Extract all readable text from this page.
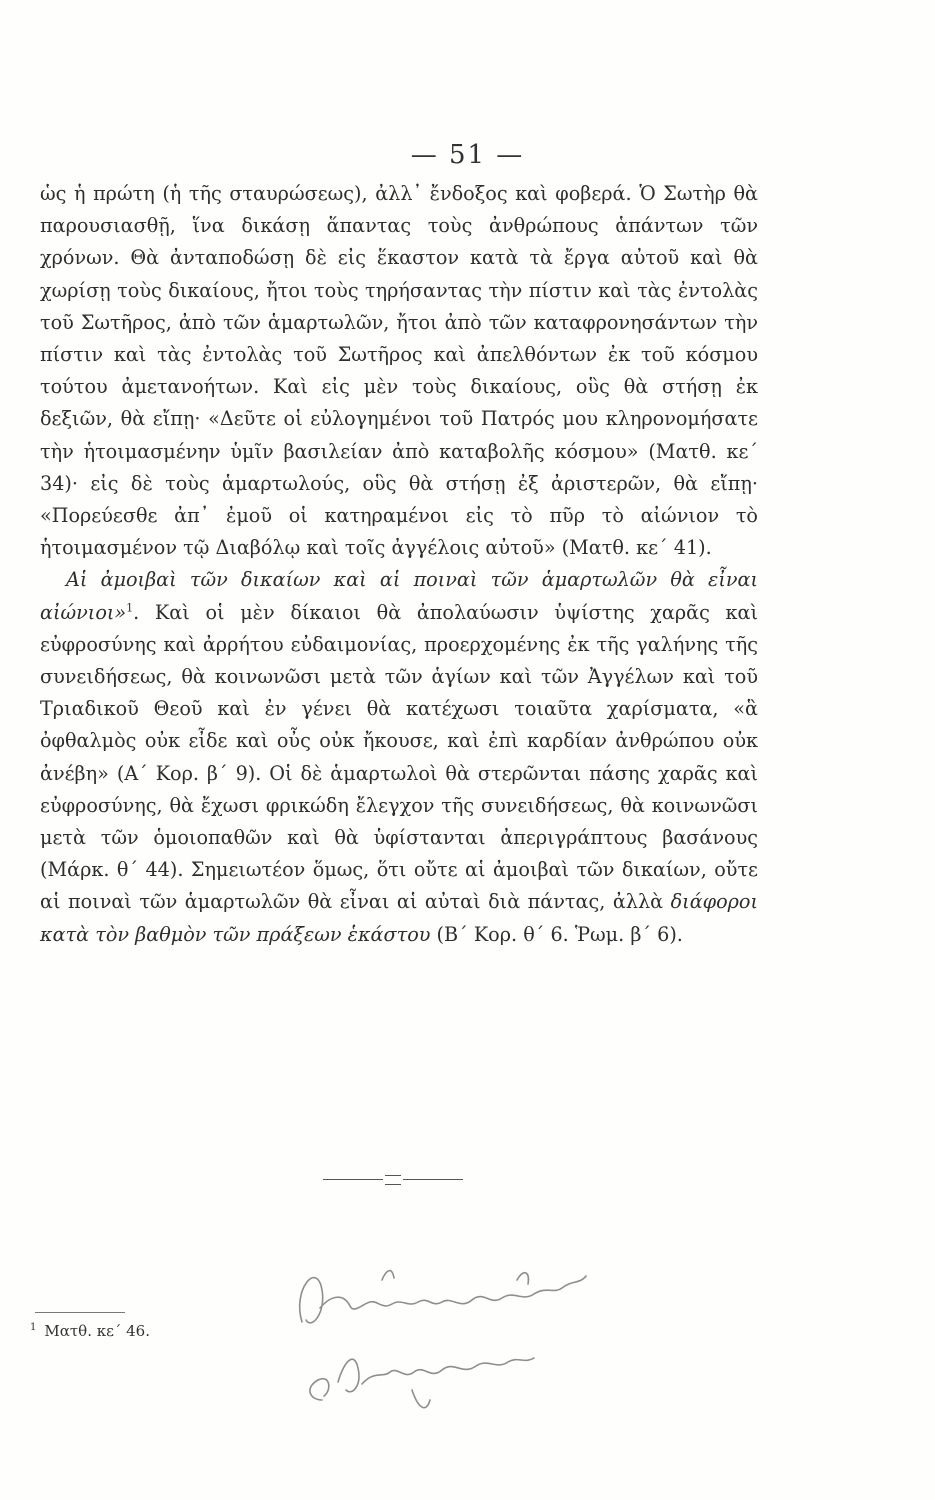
— 51 —

ὡς ἡ πρώτη (ἡ τῆς σταυρώσεως), ἀλλ᾽ ἔνδοξος καὶ φοβερά. Ὁ Σωτὴρ θὰ παρουσιασθῇ, ἵνα δικάσῃ ἅπαντας τοὺς ἀνθρώπους ἁπάντων τῶν χρόνων. Θὰ ἀνταποδώσῃ δὲ εἰς ἕκαστον κατὰ τὰ ἔργα αὐτοῦ καὶ θὰ χωρίσῃ τοὺς δικαίους, ἤτοι τοὺς τηρήσαντας τὴν πίστιν καὶ τὰς ἐντολὰς τοῦ Σωτῆρος, ἀπὸ τῶν ἁμαρτωλῶν, ἤτοι ἀπὸ τῶν καταφρονησάντων τὴν πίστιν καὶ τὰς ἐντολὰς τοῦ Σωτῆρος καὶ ἀπελθόντων ἐκ τοῦ κόσμου τούτου ἀμετανοήτων. Καὶ εἰς μὲν τοὺς δικαίους, οὓς θὰ στήσῃ ἐκ δεξιῶν, θὰ εἴπῃ· «Δεῦτε οἱ εὐλογημένοι τοῦ Πατρός μου κληρονομήσατε τὴν ἡτοιμασμένην ὑμῖν βασιλείαν ἀπὸ καταβολῆς κόσμου» (Ματθ. κε΄ 34)· εἰς δὲ τοὺς ἁμαρτωλούς, οὓς θὰ στήσῃ ἐξ ἀριστερῶν, θὰ εἴπῃ· «Πορεύεσθε ἀπ᾽ ἐμοῦ οἱ κατηραμένοι εἰς τὸ πῦρ τὸ αἰώνιον τὸ ἡτοιμασμένον τῷ Διαβόλῳ καὶ τοῖς ἀγγέλοις αὐτοῦ» (Ματθ. κε΄ 41).

Αἱ ἀμοιβαὶ τῶν δικαίων καὶ αἱ ποιναὶ τῶν ἁμαρτωλῶν θὰ εἶναι αἰώνιοι»$^1$. Καὶ οἱ μὲν δίκαιοι θὰ ἀπολαύωσιν ὑψίστης χαρᾶς καὶ εὐφροσύνης καὶ ἀρρήτου εὐδαιμονίας, προερχομένης ἐκ τῆς γαλήνης τῆς συνειδήσεως, θὰ κοινωνῶσι μετὰ τῶν ἁγίων καὶ τῶν Ἀγγέλων καὶ τοῦ Τριαδικοῦ Θεοῦ καὶ ἐν γένει θὰ κατέχωσι τοιαῦτα χαρίσματα, «ἃ ὀφθαλμὸς οὐκ εἶδε καὶ οὖς οὐκ ἤκουσε, καὶ ἐπὶ καρδίαν ἀνθρώπου οὐκ ἀνέβη» (Α΄ Κορ. β΄ 9). Οἱ δὲ ἁμαρτωλοὶ θὰ στερῶνται πάσης χαρᾶς καὶ εὐφροσύνης, θὰ ἔχωσι φρικώδη ἔλεγχον τῆς συνειδήσεως, θὰ κοινωνῶσι μετὰ τῶν ὁμοιοπαθῶν καὶ θὰ ὑφίστανται ἀπεριγράπτους βασάνους (Μάρκ. θ΄ 44). Σημειωτέον ὅμως, ὅτι οὔτε αἱ ἀμοιβαὶ τῶν δικαίων, οὔτε αἱ ποιναὶ τῶν ἁμαρτωλῶν θὰ εἶναι αἱ αὐταὶ διὰ πάντας, ἀλλὰ διάφοροι κατὰ τὸν βαθμὸν τῶν πράξεων ἑκάστου (Β΄ Κορ. θ΄ 6. Ῥωμ. β΄ 6).

$^1$ Ματθ. κε΄ 46.
